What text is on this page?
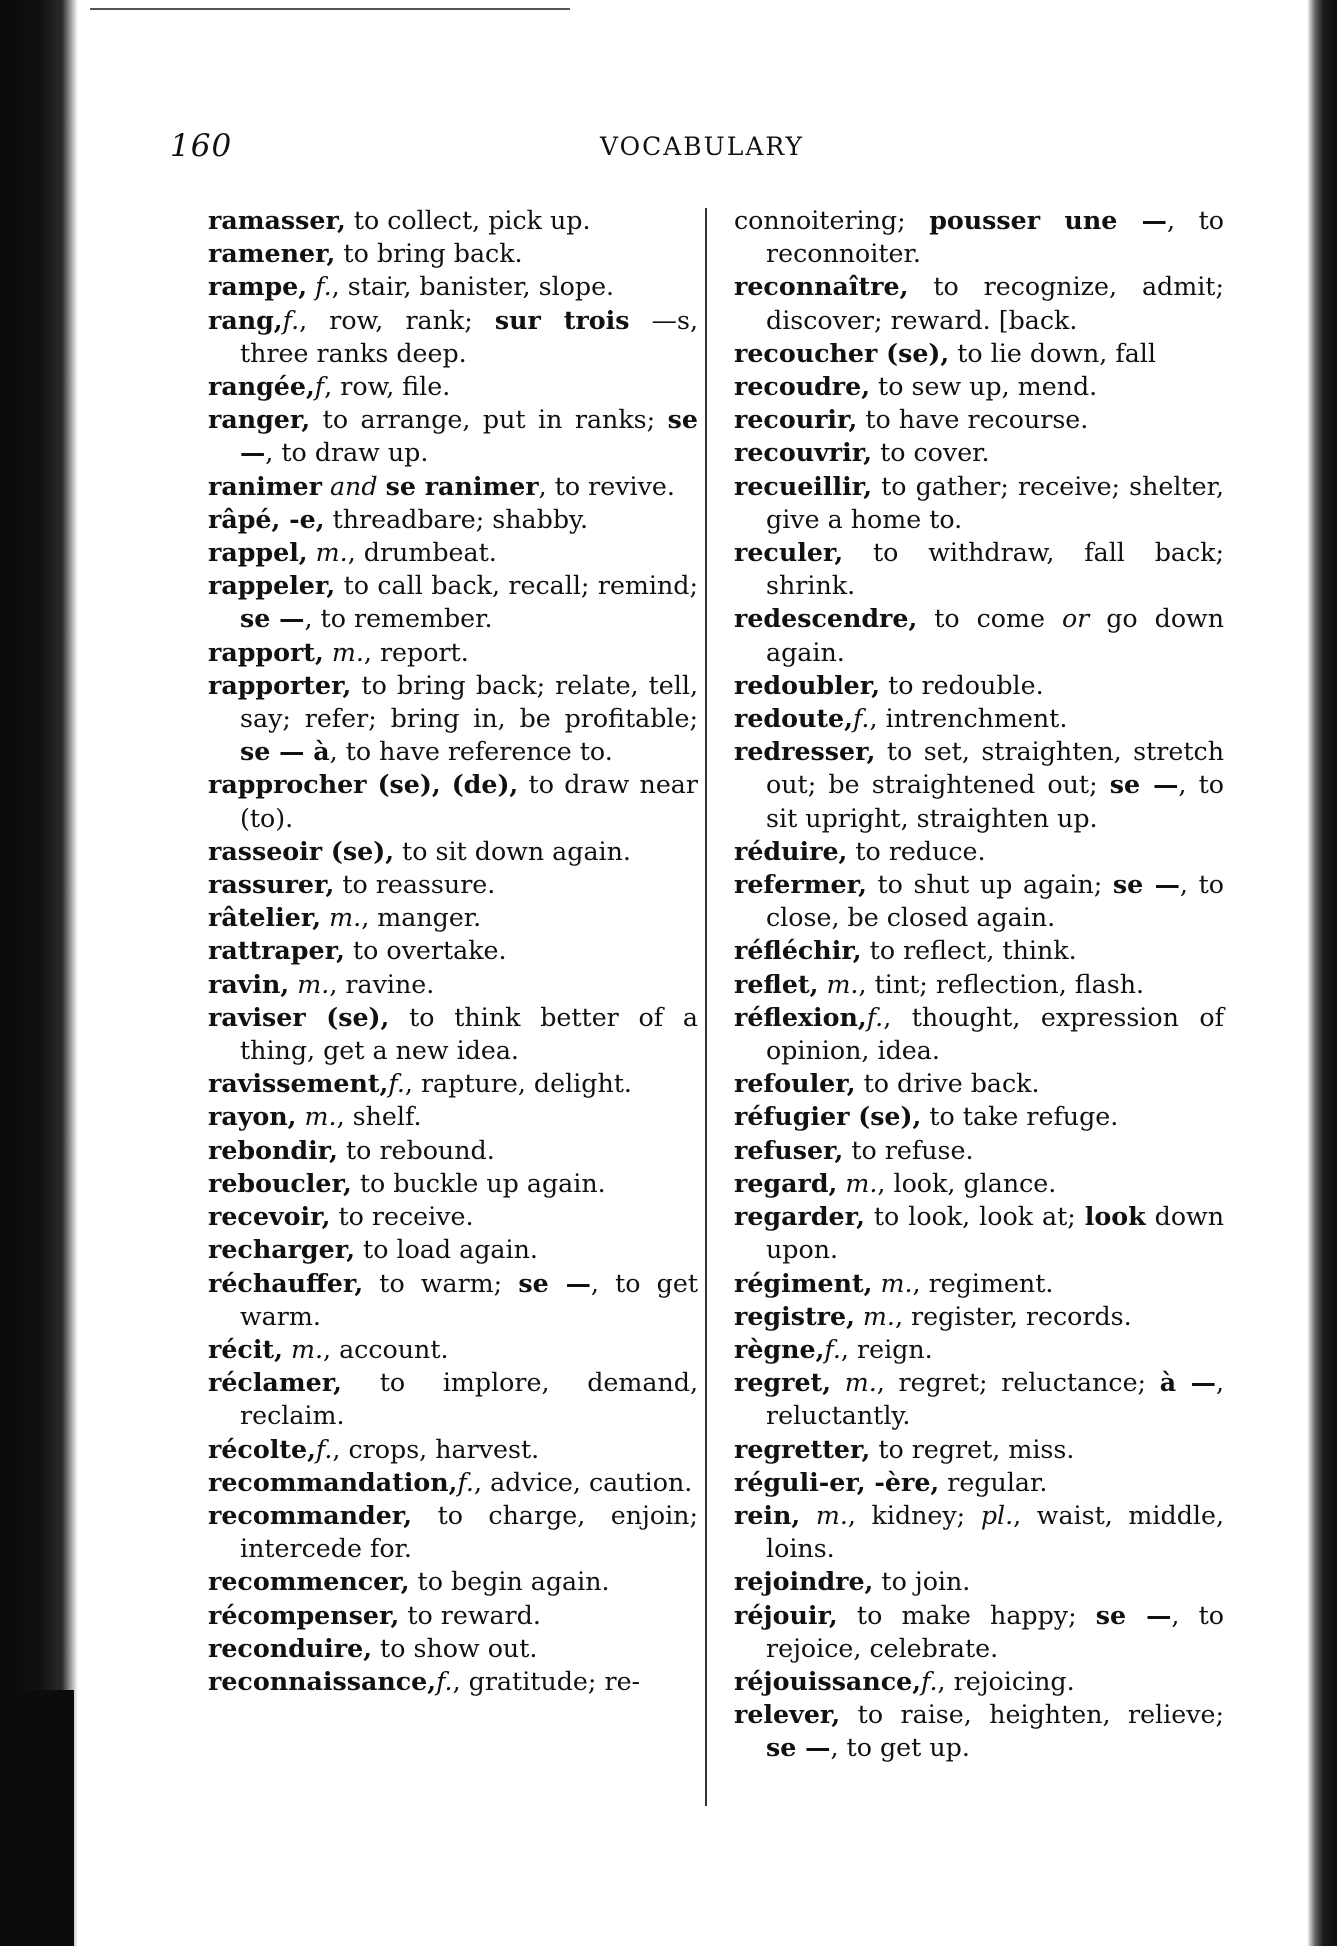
160	VOCABULARY

ramasser, to collect, pick up.

ramener, to bring back.

rampe, f., stair, banister, slope.

rang,f., row, rank; sur trois —s, three ranks deep.

rangée,f, row, file.

ranger, to arrange, put in ranks; se —, to draw up.

ranimer and se ranimer, to revive.

râpé, -e, threadbare; shabby.

rappel, m., drumbeat.

rappeler, to call back, recall; remind; se —, to remember.

rapport, m., report.

rapporter, to bring back; relate, tell, say; refer; bring in, be profitable; se — à, to have reference to.

rapprocher (se), (de), to draw near (to).

rasseoir (se), to sit down again.

rassurer, to reassure.

râtelier, m., manger.

rattraper, to overtake.

ravin, m., ravine.

raviser (se), to think better of a thing, get a new idea.

ravissement,f., rapture, delight.

rayon, m., shelf.

rebondir, to rebound.

reboucler, to buckle up again.

recevoir, to receive.

recharger, to load again.

réchauffer, to warm; se —, to get warm.

récit, m., account.

réclamer, to implore, demand, reclaim.

récolte,f., crops, harvest.

recommandation,f., advice, caution.

recommander, to charge, enjoin; intercede for.

recommencer, to begin again.

récompenser, to reward.

reconduire, to show out.

reconnaissance,f., gratitude; re-

connoitering; pousser une —, to reconnoiter.

reconnaître, to recognize, admit; discover; reward. [back.

recoucher (se), to lie down, fall

recoudre, to sew up, mend.

recourir, to have recourse.

recouvrir, to cover.

recueillir, to gather; receive; shelter, give a home to.

reculer, to withdraw, fall back; shrink.

redescendre, to come or go down again.

redoubler, to redouble.

redoute,f., intrenchment.

redresser, to set, straighten, stretch out; be straightened out; se —, to sit upright, straighten up.

réduire, to reduce.

refermer, to shut up again; se —, to close, be closed again.

réfléchir, to reflect, think.

reflet, m., tint; reflection, flash.

réflexion,f., thought, expression of opinion, idea.

refouler, to drive back.

réfugier (se), to take refuge.

refuser, to refuse.

regard, m., look, glance.

regarder, to look, look at; look down upon.

régiment, m., regiment.

registre, m., register, records.

règne,f., reign.

regret, m., regret; reluctance; à —, reluctantly.

regretter, to regret, miss.

réguli-er, -ère, regular.

rein, m., kidney; pl., waist, middle, loins.

rejoindre, to join.

réjouir, to make happy; se —, to rejoice, celebrate.

réjouissance,f., rejoicing.

relever, to raise, heighten, relieve; se —, to get up.
